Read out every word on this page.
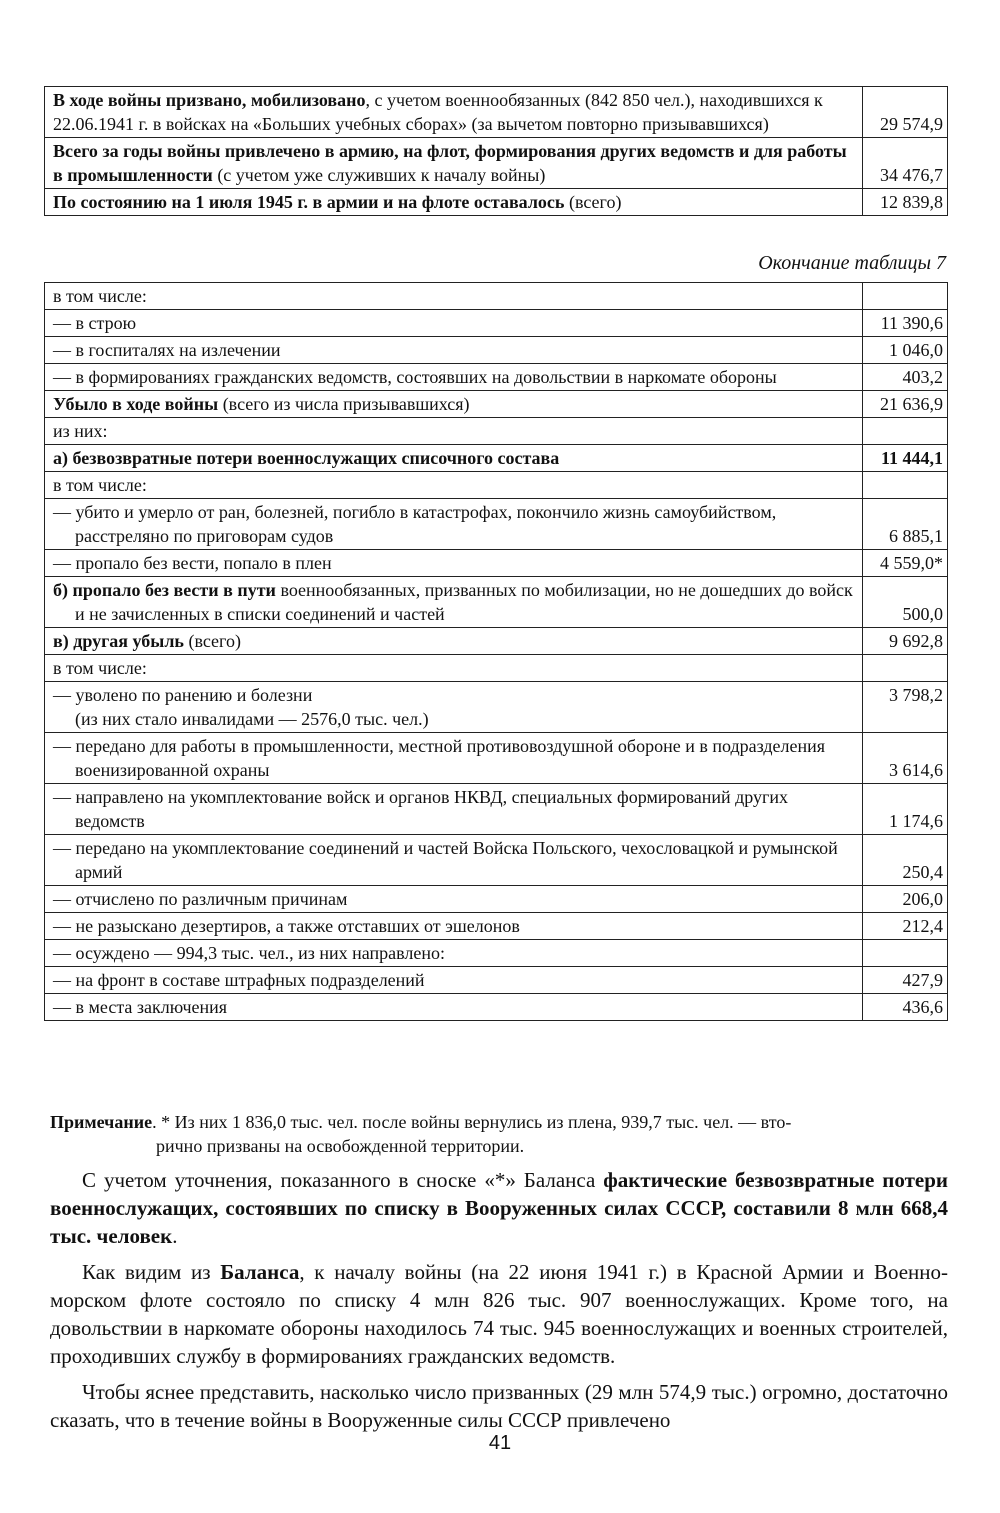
В ходе войны призвано, мобилизовано, с учетом военнообязанных (842 850 чел.), находившихся к 22.06.1941 г. в войсках на «Больших учебных сборах» (за вычетом повторно призывавшихся)	29 574,9
Всего за годы войны привлечено в армию, на флот, формирования других ведомств и для работы в промышленности (с учетом уже служивших к началу войны)	34 476,7
По состоянию на 1 июля 1945 г. в армии и на флоте оставалось (всего)	12 839,8
Окончание таблицы 7
в том числе:	
— в строю	11 390,6
— в госпиталях на излечении	1 046,0

— в формированиях гражданских ведомств, состоявших на довольствии в наркомате обороны	403,2
Убыло в ходе войны (всего из числа призывавшихся)	21 636,9
из них:	
а) безвозвратные потери военнослужащих списочного состава	11 444,1
в том числе:	

— убито и умерло от ран, болезней, погибло в катастрофах, покончило жизнь самоубийством, расстреляно по приговорам судов	6 885,1
— пропало без вести, попало в плен	4 559,0*

б) пропало без вести в пути военнообязанных, призванных по мобилизации, но не дошедших до войск и не зачисленных в списки соединений и частей	500,0
в) другая убыль (всего)	9 692,8
в том числе:	

— уволено по ранению и болезни
(из них стало инвалидами — 2576,0 тыс. чел.)	3 798,2

— передано для работы в промышленности, местной противовоздушной обороне и в подразделения военизированной охраны	3 614,6

— направлено на укомплектование войск и органов НКВД, специальных формирований других ведомств	1 174,6

— передано на укомплектование соединений и частей Войска Польского, чехословацкой и румынской армий	250,4
— отчислено по различным причинам	206,0
— не разыскано дезертиров, а также отставших от эшелонов	212,4
— осуждено — 994,3 тыс. чел., из них направлено:	
— на фронт в составе штрафных подразделений	427,9
— в места заключения	436,6
Примечание. * Из них 1 836,0 тыс. чел. после войны вернулись из плена, 939,7 тыс. чел. — вто-
рично призваны на освобожденной территории.

С учетом уточнения, показанного в сноске «*» Баланса фактические безвозвратные потери военнослужащих, состоявших по списку в Вооруженных силах СССР, составили 8 млн 668,4 тыс. человек.

Как видим из Баланса, к началу войны (на 22 июня 1941 г.) в Красной Армии и Военно-морском флоте состояло по списку 4 млн 826 тыс. 907 военнослужащих. Кроме того, на довольствии в наркомате обороны находилось 74 тыс. 945 военнослужащих и военных строителей, проходивших службу в формированиях гражданских ведомств.

Чтобы яснее представить, насколько число призванных (29 млн 574,9 тыс.) огромно, достаточно сказать, что в течение войны в Вооруженные силы СССР привлечено

41
